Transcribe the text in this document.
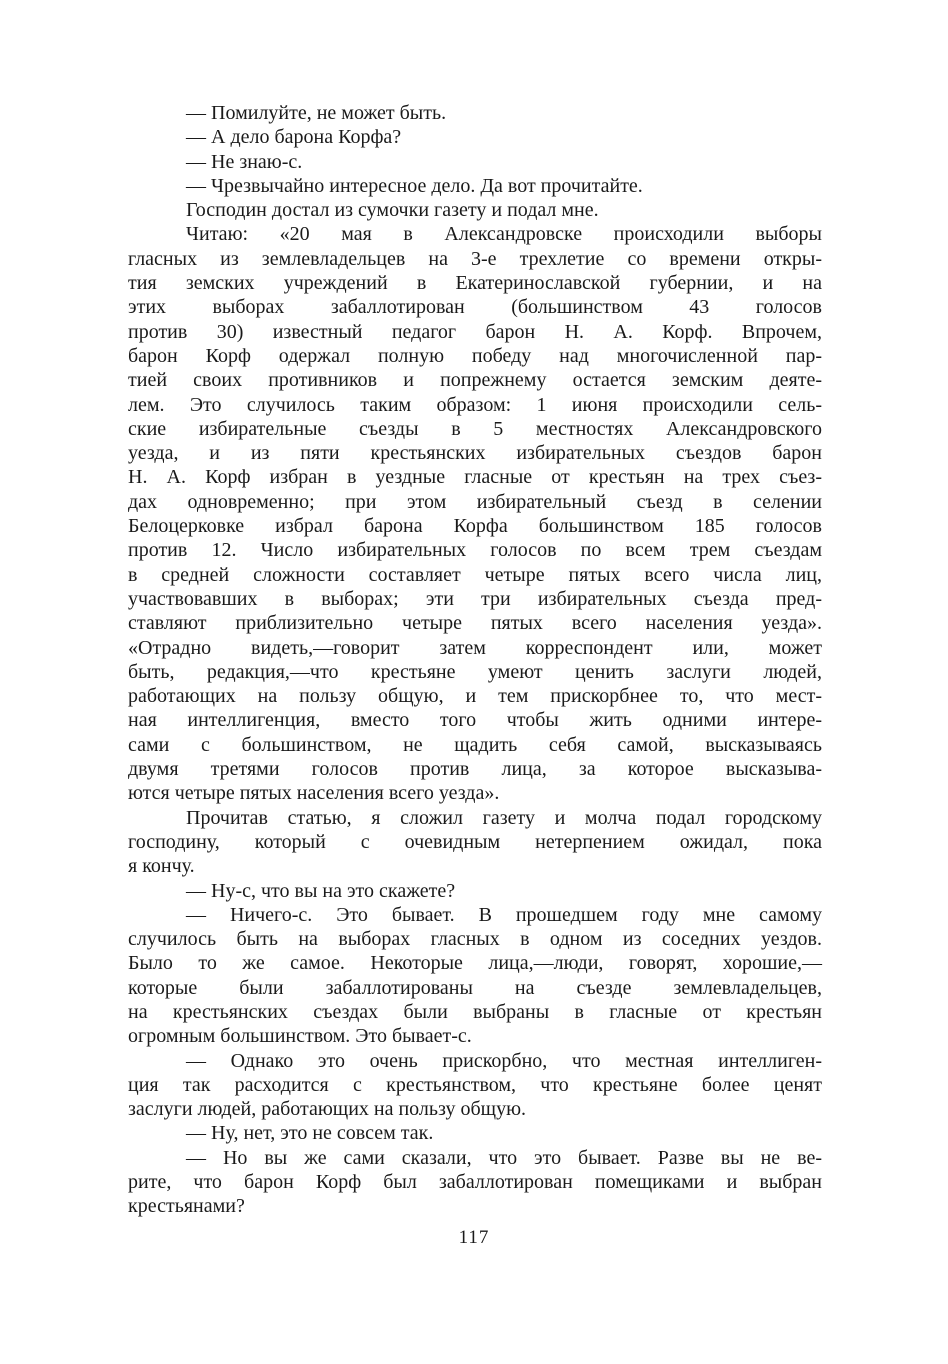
— Помилуйте, не может быть.
— А дело барона Корфа?
— Не знаю-с.
— Чрезвычайно интересное дело. Да вот прочитайте.
Господин достал из сумочки газету и подал мне.
Читаю: «20 мая в Александровске происходили выборы
гласных из землевладельцев на 3-е трехлетие со времени откры-
тия земских учреждений в Екатеринославской губернии, и на
этих выборах забаллотирован (большинством 43 голосов
против 30) известный педагог барон Н. А. Корф. Впрочем,
барон Корф одержал полную победу над многочисленной пар-
тией своих противников и попрежнему остается земским деяте-
лем. Это случилось таким образом: 1 июня происходили сель-
ские избирательные съезды в 5 местностях Александровского
уезда, и из пяти крестьянских избирательных съездов барон
Н. А. Корф избран в уездные гласные от крестьян на трех съез-
дах одновременно; при этом избирательный съезд в селении
Белоцерковке избрал барона Корфа большинством 185 голосов
против 12. Число избирательных голосов по всем трем съездам
в средней сложности составляет четыре пятых всего числа лиц,
участвовавших в выборах; эти три избирательных съезда пред-
ставляют приблизительно четыре пятых всего населения уезда».
«Отрадно видеть,—говорит затем корреспондент или, может
быть, редакция,—что крестьяне умеют ценить заслуги людей,
работающих на пользу общую, и тем прискорбнее то, что мест-
ная интеллигенция, вместо того чтобы жить одними интере-
сами с большинством, не щадить себя самой, высказываясь
двумя третями голосов против лица, за которое высказыва-
ются четыре пятых населения всего уезда».
Прочитав статью, я сложил газету и молча подал городскому
господину, который с очевидным нетерпением ожидал, пока
я кончу.
— Ну-с, что вы на это скажете?
— Ничего-с. Это бывает. В прошедшем году мне самому
случилось быть на выборах гласных в одном из соседних уездов.
Было то же самое. Некоторые лица,—люди, говорят, хорошие,—
которые были забаллотированы на съезде землевладельцев,
на крестьянских съездах были выбраны в гласные от крестьян
огромным большинством. Это бывает-с.
— Однако это очень прискорбно, что местная интеллиген-
ция так расходится с крестьянством, что крестьяне более ценят
заслуги людей, работающих на пользу общую.
— Ну, нет, это не совсем так.
— Но вы же сами сказали, что это бывает. Разве вы не ве-
рите, что барон Корф был забаллотирован помещиками и выбран
крестьянами?
117
